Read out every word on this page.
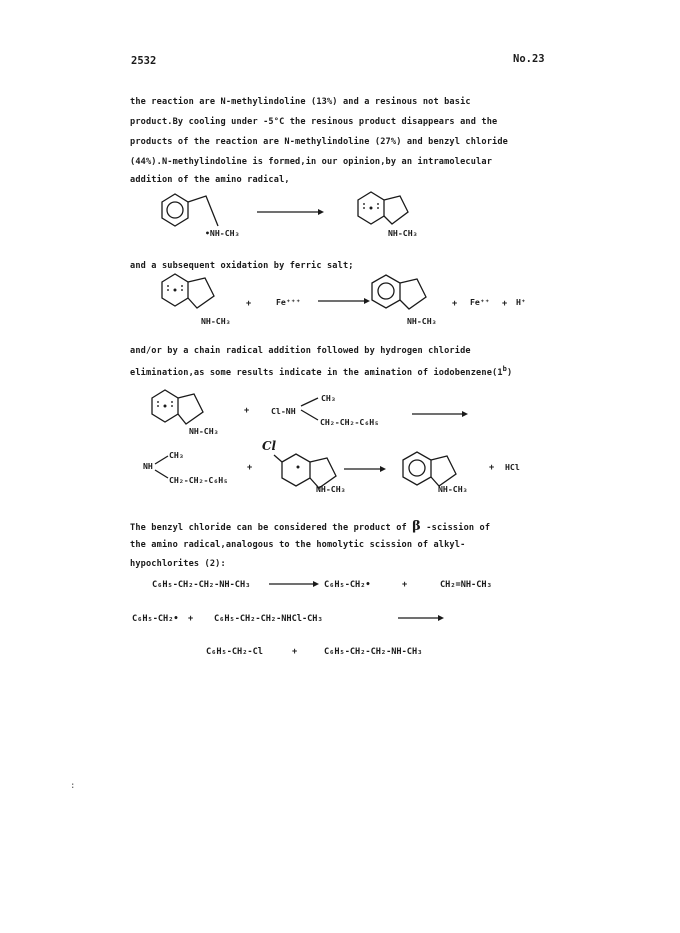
2532	No.23
the reaction are N-methylindoline (13%) and a resinous not basic
product.By cooling under -5°C the resinous product disappears and the
products of the reaction are N-methylindoline (27%) and benzyl chloride
(44%).N-methylindoline is formed,in our opinion,by an intramolecular
addition of the amino radical,
•NH-CH₃	NH-CH₃
and a subsequent oxidation by ferric salt;
+	Fe⁺⁺⁺
NH-CH₃	NH-CH₃
+ Fe⁺⁺ + H⁺
and/or by a chain radical addition followed by hydrogen chloride
elimination,as some results indicate in the amination of iodobenzene(1$^b$)
NH-CH₃
+	Cl-NH
CH₃
CH₂-CH₂-C₆H₅
CH₃
NH
CH₂-CH₂-C₆H₅
+
Cl
NH-CH₃	NH-CH₃
+ HCl
The benzyl chloride can be considered the product of β -scission of
the amino radical,analogous to the homolytic scission of alkyl-
hypochlorites (2):
C₆H₅-CH₂-CH₂-NH-CH₃	C₆H₅-CH₂•	+	CH₂=NH-CH₃
C₆H₅-CH₂• + C₆H₅-CH₂-CH₂-NHCl-CH₃
C₆H₅-CH₂-Cl	+	C₆H₅-CH₂-CH₂-NH-CH₃
:
